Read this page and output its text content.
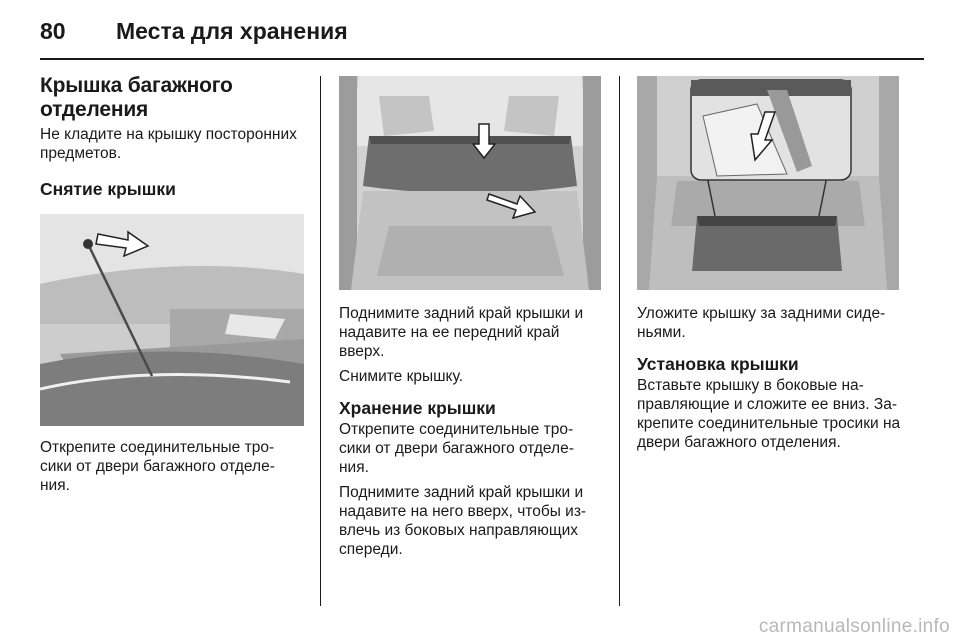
80 Места для хранения
Крышка багажного отделения
Не кладите на крышку посторонних предметов.
Снятие крышки
Открепите соединительные тро-сики от двери багажного отделе-ния.
Поднимите задний край крышки и надавите на ее передний край вверх.
Снимите крышку.
Хранение крышки
Открепите соединительные тро-сики от двери багажного отделе-ния.
Поднимите задний край крышки и надавите на него вверх, чтобы из-влечь из боковых направляющих спереди.
Уложите крышку за задними сиде-ньями.
Установка крышки
Вставьте крышку в боковые на-правляющие и сложите ее вниз. За-крепите соединительные тросики на двери багажного отделения.
carmanualsonline.info
